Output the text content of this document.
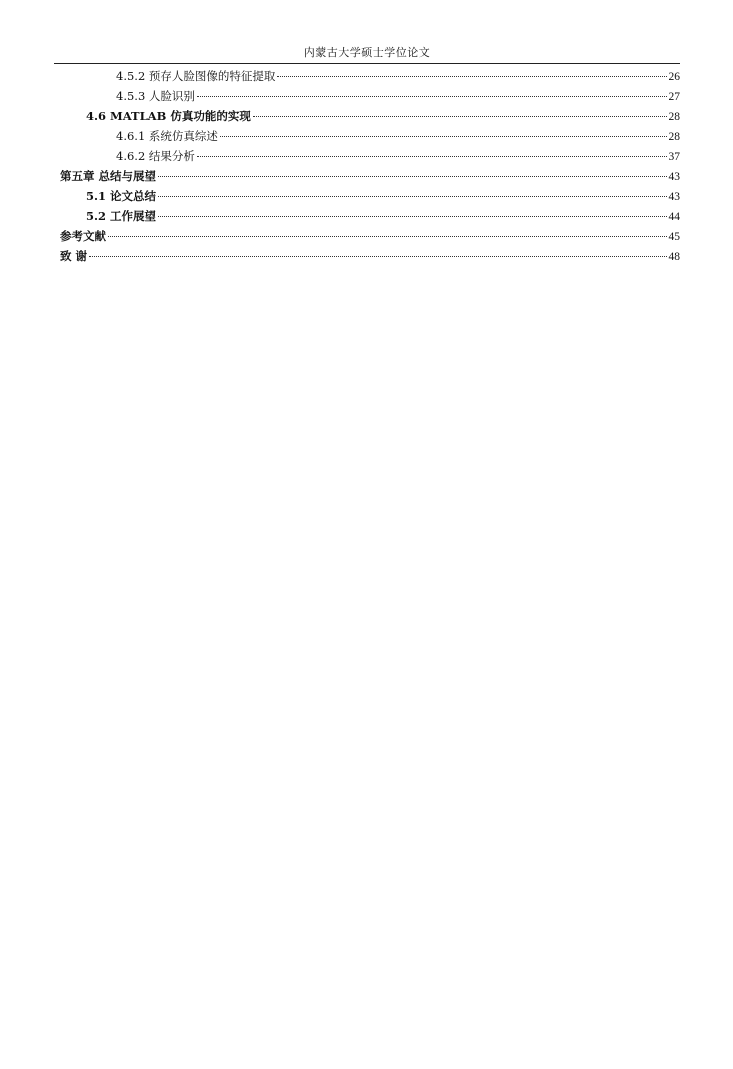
内蒙古大学硕士学位论文
4.5.2 预存人脸图像的特征提取	26
4.5.3 人脸识别	27
4.6 MATLAB 仿真功能的实现	28
4.6.1 系统仿真综述	28
4.6.2 结果分析	37
第五章 总结与展望	43
5.1 论文总结	43
5.2 工作展望	44
参考文献	45
致 谢	48
